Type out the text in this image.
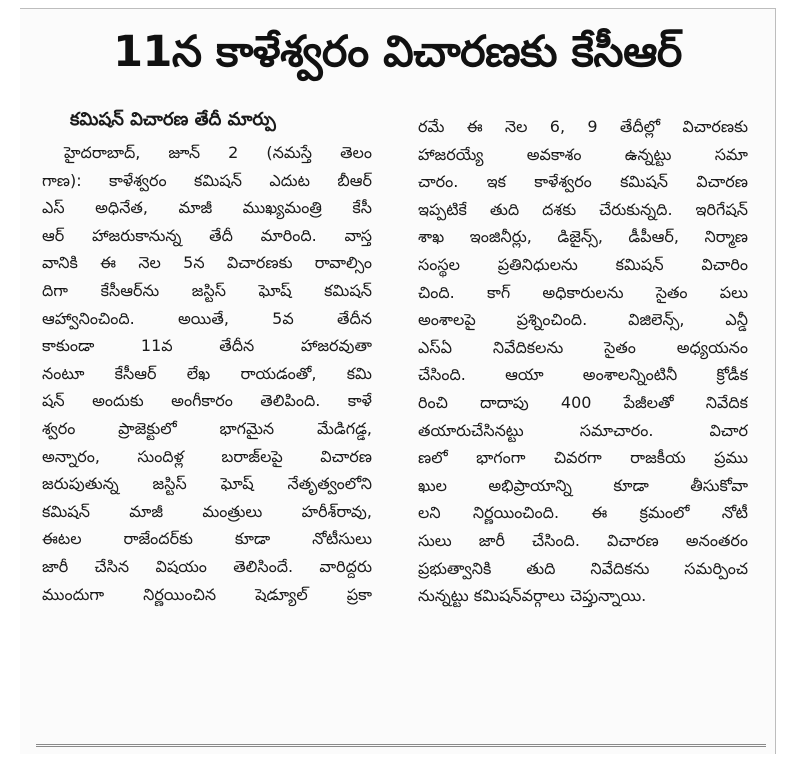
11న కాళేశ్వరం విచారణకు కేసీఆర్
కమిషన్ విచారణ తేదీ మార్పు
హైదరాబాద్, జూన్ 2 (నమస్తే తెలం
గాణ): కాళేశ్వరం కమిషన్ ఎదుట బీఆర్
ఎస్ అధినేత, మాజీ ముఖ్యమంత్రి కేసీ
ఆర్ హాజరుకానున్న తేదీ మారింది. వాస్త
వానికి ఈ నెల 5న విచారణకు రావాల్సిం
దిగా కేసీఆర్‌ను జస్టిస్ ఘోష్ కమిషన్
ఆహ్వానించింది. అయితే, 5వ తేదీన
కాకుండా 11వ తేదీన హాజరవుతా
నంటూ కేసీఆర్ లేఖ రాయడంతో, కమి
షన్ అందుకు అంగీకారం తెలిపింది. కాళే
శ్వరం ప్రాజెక్టులో భాగమైన మేడిగడ్డ,
అన్నారం, సుందిళ్ల బరాజ్‌లపై విచారణ
జరుపుతున్న జస్టిస్ ఘోష్ నేతృత్వంలోని
కమిషన్ మాజీ మంత్రులు హరీశ్‌రావు,
ఈటల రాజేందర్‌కు కూడా నోటీసులు
జారీ చేసిన విషయం తెలిసిందే. వారిద్దరు
ముందుగా నిర్ణయించిన షెడ్యూల్ ప్రకా
రమే ఈ నెల 6, 9 తేదీల్లో విచారణకు
హాజరయ్యే అవకాశం ఉన్నట్టు సమా
చారం. ఇక కాళేశ్వరం కమిషన్ విచారణ
ఇప్పటికే తుది దశకు చేరుకున్నది. ఇరిగేషన్
శాఖ ఇంజినీర్లు, డిజైన్స్, డీపీఆర్, నిర్మాణ
సంస్థల ప్రతినిధులను కమిషన్ విచారిం
చింది. కాగ్ అధికారులను సైతం పలు
అంశాలపై ప్రశ్నించింది. విజిలెన్స్, ఎన్డీ
ఎస్ఏ నివేదికలను సైతం అధ్యయనం
చేసింది. ఆయా అంశాలన్నింటినీ క్రోడీక
రించి దాదాపు 400 పేజీలతో నివేదిక
తయారుచేసినట్టు సమాచారం. విచార
ణలో భాగంగా చివరగా రాజకీయ ప్రము
ఖుల అభిప్రాయాన్ని కూడా తీసుకోవా
లని నిర్ణయించింది. ఈ క్రమంలో నోటీ
సులు జారీ చేసింది. విచారణ అనంతరం
ప్రభుత్వానికి తుది నివేదికను సమర్పించ
నున్నట్టు కమిషన్‌వర్గాలు చెప్తున్నాయి.
